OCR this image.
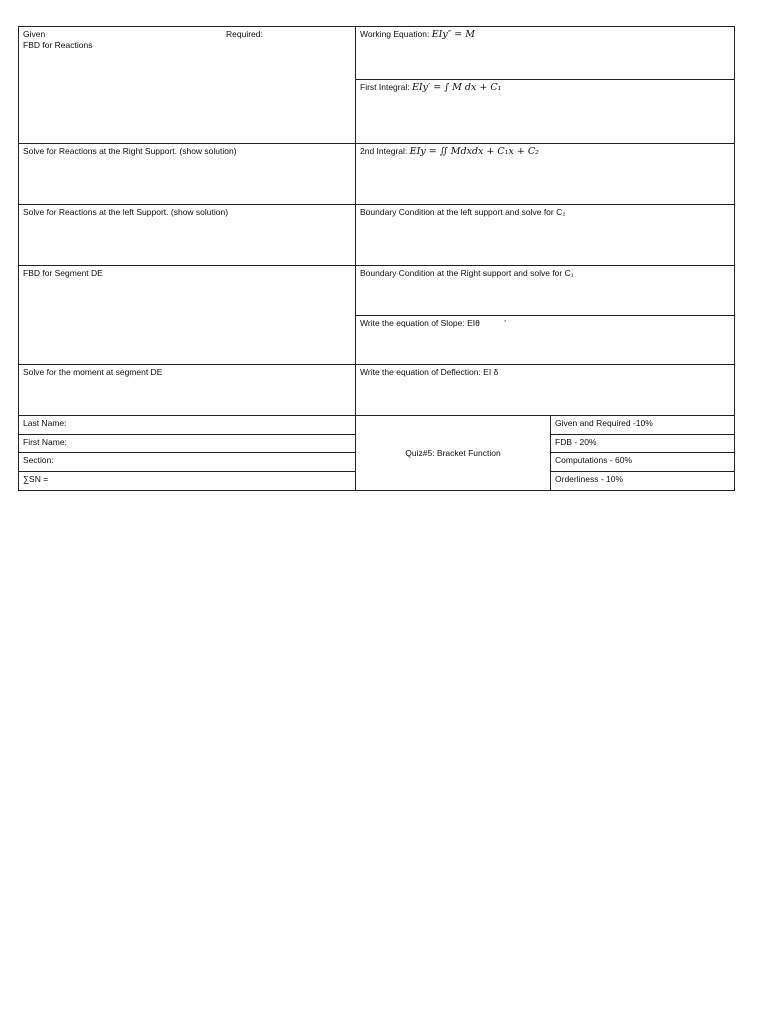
Given	Required:
FBD for Reactions
Solve for Reactions at the Right Support. (show solution)
Solve for Reactions at the left Support. (show solution)
FBD for Segment DE
Solve for the moment at segment DE
Working Equation: EIy″ = M
First Integral: EIy′ = ∫ M dx + C₁
2nd Integral: EIy = ∬ Mdxdx + C₁x + C₂
Boundary Condition at the left support and solve for C₂
Boundary Condition at the Right support and solve for C₁
Write the equation of Slope: EIθ	′
Write the equation of Deflection: EI δ
Last Name:
First Name:
Section:
∑SN =
Quiz#5: Bracket Function
Given and Required -10%
FDB - 20%
Computations - 60%
Orderliness - 10%
